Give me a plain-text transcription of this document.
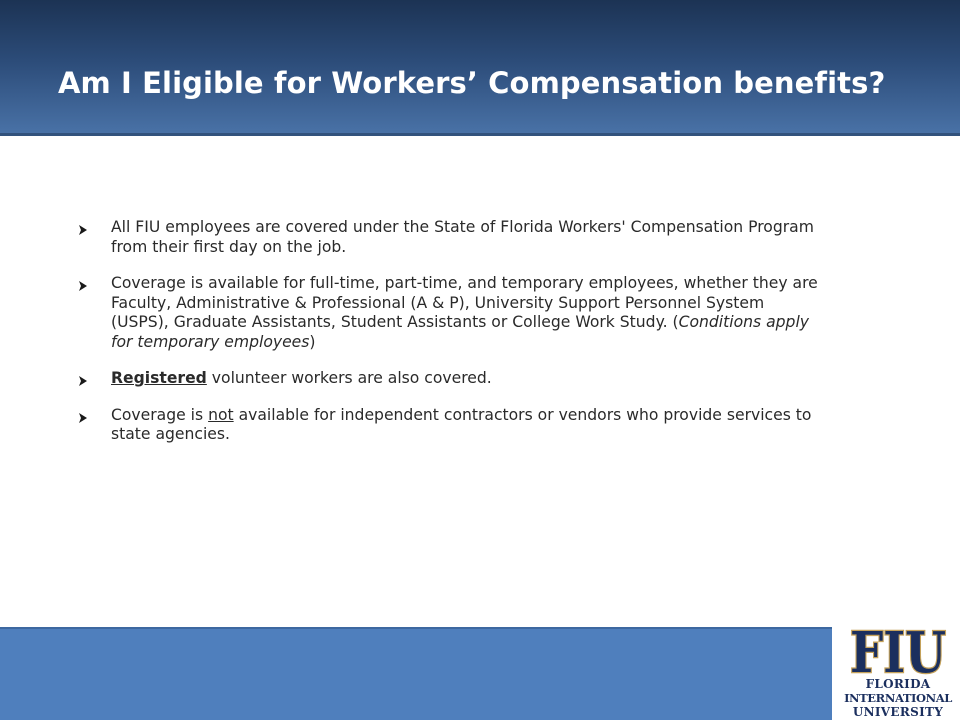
Am I Eligible for Workers’ Compensation benefits?
All FIU employees are covered under the State of Florida Workers' Compensation Program from their first day on the job.
Coverage is available for full-time, part-time, and temporary employees, whether they are Faculty, Administrative & Professional (A & P), University Support Personnel System (USPS), Graduate Assistants, Student Assistants or College Work Study. (Conditions apply for temporary employees)
Registered volunteer workers are also covered.
Coverage is not available for independent contractors or vendors who provide services to state agencies.
FIU
FLORIDA
INTERNATIONAL
UNIVERSITY
